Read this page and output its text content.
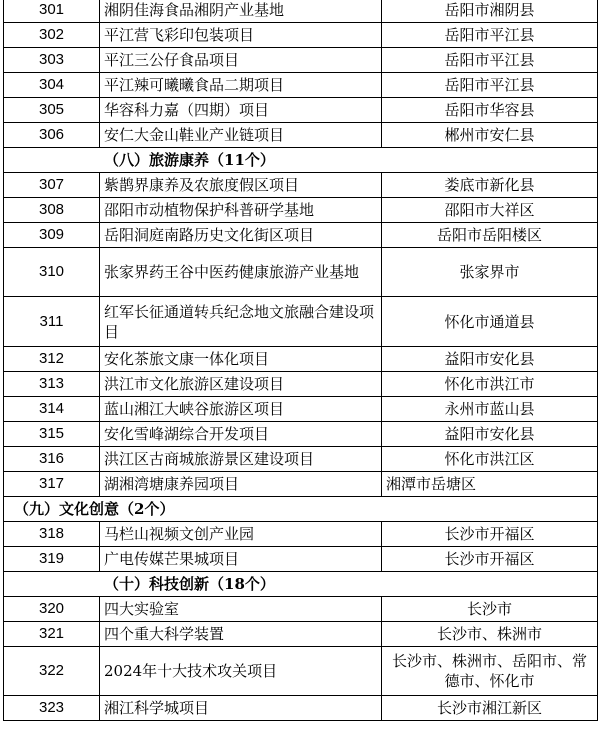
301	湘阴佳海食品湘阴产业基地	岳阳市湘阴县
302	平江营飞彩印包装项目	岳阳市平江县
303	平江三公仔食品项目	岳阳市平江县
304	平江辣可曦曦食品二期项目	岳阳市平江县
305	华容科力嘉（四期）项目	岳阳市华容县
306	安仁大金山鞋业产业链项目	郴州市安仁县
（八）旅游康养（11个）		
307	紫鹊界康养及农旅度假区项目	娄底市新化县
308	邵阳市动植物保护科普研学基地	邵阳市大祥区
309	岳阳洞庭南路历史文化街区项目	岳阳市岳阳楼区
310	张家界药王谷中医药健康旅游产业基地	张家界市
311	红军长征通道转兵纪念地文旅融合建设项目	怀化市通道县
312	安化茶旅文康一体化项目	益阳市安化县
313	洪江市文化旅游区建设项目	怀化市洪江市
314	蓝山湘江大峡谷旅游区项目	永州市蓝山县
315	安化雪峰湖综合开发项目	益阳市安化县
316	洪江区古商城旅游景区建设项目	怀化市洪江区
317	湖湘湾塘康养园项目	湘潭市岳塘区
（九）文化创意（2个）		
318	马栏山视频文创产业园	长沙市开福区
319	广电传媒芒果城项目	长沙市开福区
（十）科技创新（18个）		
320	四大实验室	长沙市
321	四个重大科学装置	长沙市、株洲市
322	2024年十大技术攻关项目	长沙市、株洲市、岳阳市、常德市、怀化市
323	湘江科学城项目	长沙市湘江新区
